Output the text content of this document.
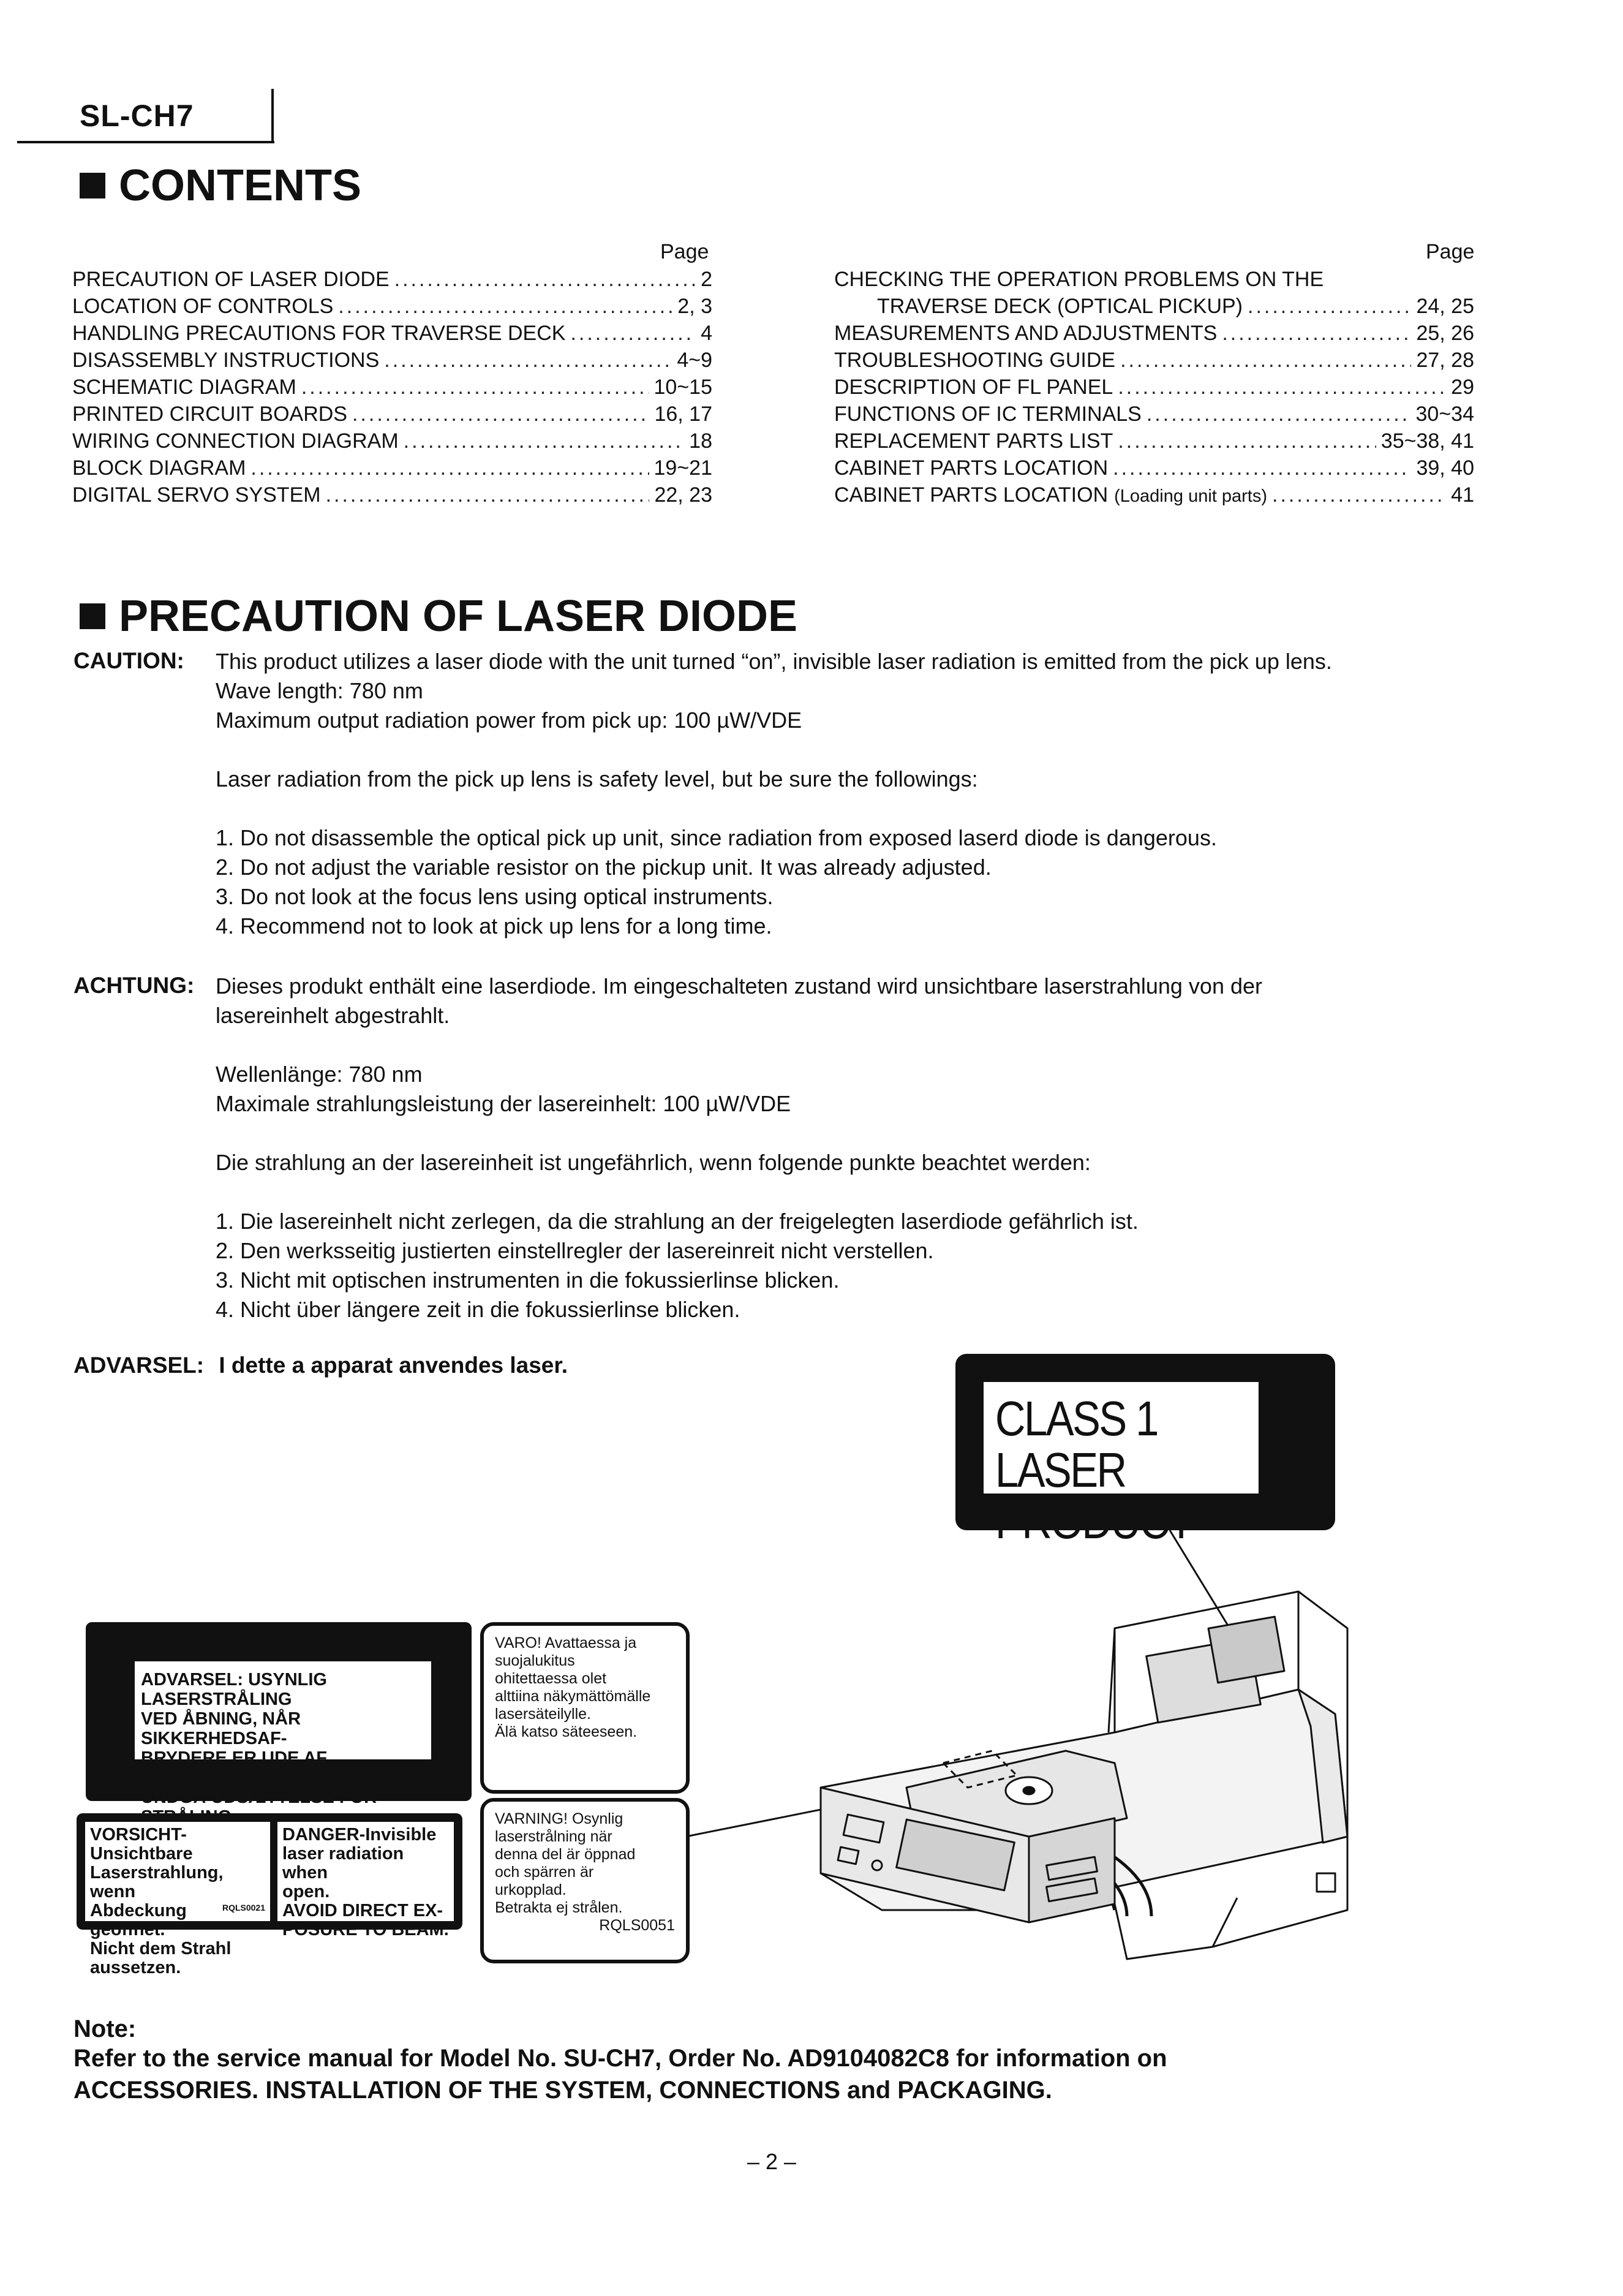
SL-CH7
CONTENTS
Page	Page
PRECAUTION OF LASER DIODE .....	2
LOCATION OF CONTROLS .....	2, 3
HANDLING PRECAUTIONS FOR TRAVERSE DECK .....	4
DISASSEMBLY INSTRUCTIONS .....	4~9
SCHEMATIC DIAGRAM .....	10~15
PRINTED CIRCUIT BOARDS .....	16, 17
WIRING CONNECTION DIAGRAM .....	18
BLOCK DIAGRAM .....	19~21
DIGITAL SERVO SYSTEM .....	22, 23
CHECKING THE OPERATION PROBLEMS ON THE
TRAVERSE DECK (OPTICAL PICKUP) .....	24, 25
MEASUREMENTS AND ADJUSTMENTS .....	25, 26
TROUBLESHOOTING GUIDE .....	27, 28
DESCRIPTION OF FL PANEL .....	29
FUNCTIONS OF IC TERMINALS .....	30~34
REPLACEMENT PARTS LIST .....	35~38, 41
CABINET PARTS LOCATION .....	39, 40
CABINET PARTS LOCATION (Loading unit parts) .....	41
PRECAUTION OF LASER DIODE
CAUTION: This product utilizes a laser diode with the unit turned “on”, invisible laser radiation is emitted from the pick up lens.
Wave length: 780 nm
Maximum output radiation power from pick up: 100 µW/VDE
Laser radiation from the pick up lens is safety level, but be sure the followings:
1. Do not disassemble the optical pick up unit, since radiation from exposed laserd diode is dangerous.
2. Do not adjust the variable resistor on the pickup unit. It was already adjusted.
3. Do not look at the focus lens using optical instruments.
4. Recommend not to look at pick up lens for a long time.
ACHTUNG: Dieses produkt enthält eine laserdiode. Im eingeschalteten zustand wird unsichtbare laserstrahlung von der
lasereinhelt abgestrahlt.
Wellenlänge: 780 nm
Maximale strahlungsleistung der lasereinhelt: 100 µW/VDE
Die strahlung an der lasereinheit ist ungefährlich, wenn folgende punkte beachtet werden:
1. Die lasereinhelt nicht zerlegen, da die strahlung an der freigelegten laserdiode gefährlich ist.
2. Den werksseitig justierten einstellregler der lasereinreit nicht verstellen.
3. Nicht mit optischen instrumenten in die fokussierlinse blicken.
4. Nicht über längere zeit in die fokussierlinse blicken.
ADVARSEL: I dette a apparat anvendes laser.
CLASS 1
LASER PRODUCT
ADVARSEL: USYNLIG LASERSTRÅLING
VED ÅBNING, NÅR SIKKERHEDSAF-
BRYDERE ER UDE AF FUNKTION.
UNDGÅ UDSÆTTELSE FOR
VORSICHT-Unsichtbare
Laserstrahlung, wenn
Abdeckung geöffnet.
Nicht dem Strahl
aussetzen.
RQLS0021
DANGER-Invisible
laser radiation when
open.
AVOID DIRECT EX-
POSURE TO BEAM.
VARO! Avattaessa ja
suojalukitus
ohitettaessa olet
alttiina näkymättömälle
lasersäteilylle.
Älä katso säteeseen.
VARNING! Osynlig
laserstrålning när
denna del är öppnad
och spärren är
urkopplad.
Betrakta ej strålen.
RQLS0051
Note:
Refer to the service manual for Model No. SU-CH7, Order No. AD9104082C8 for information on
ACCESSORIES. INSTALLATION OF THE SYSTEM, CONNECTIONS and PACKAGING.
– 2 –
